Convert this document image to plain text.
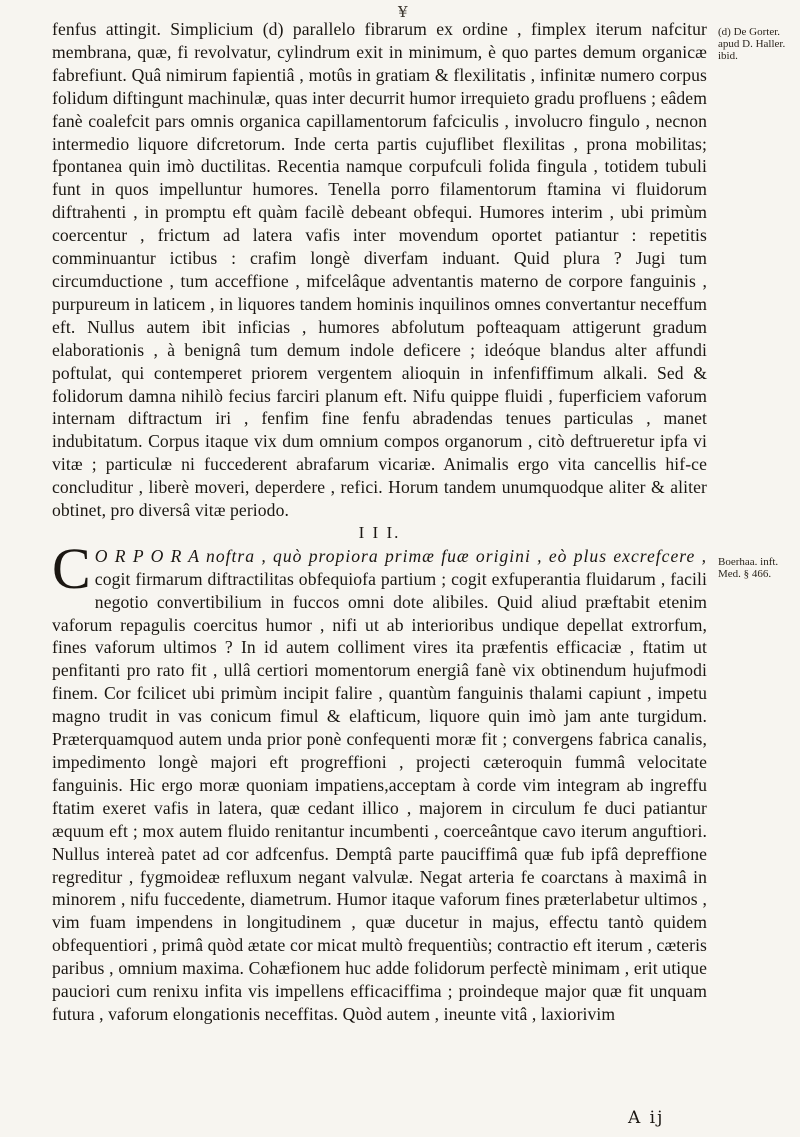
¥

fenfus attingit. Simplicium (d) parallelo fibrarum ex ordine , fimplex iterum nafcitur membrana, quæ, fi revolvatur, cylindrum exit in minimum, è quo partes demum organicæ fabrefiunt. Quâ nimirum fapientiâ , motûs in gratiam & flexilitatis , infinitæ numero corpus folidum diftingunt machinulæ, quas inter decurrit humor irrequieto gradu profluens ; eâdem fanè coalefcit pars omnis organica capillamentorum fafciculis , involucro fingulo , necnon intermedio liquore difcretorum. Inde certa partis cujuflibet flexilitas , prona mobilitas; fpontanea quin imò ductilitas. Recentia namque corpufculi folida fingula , totidem tubuli funt in quos impelluntur humores. Tenella porro filamentorum ftamina vi fluidorum diftrahenti , in promptu eft quàm facilè debeant obfequi. Humores interim , ubi primùm coercentur , frictum ad latera vafis inter movendum oportet patiantur : repetitis comminuantur ictibus : crafim longè diverfam induant. Quid plura ? Jugi tum circumductione , tum acceffione , mifcelâque adventantis materno de corpore fanguinis , purpureum in laticem , in liquores tandem hominis inquilinos omnes convertantur neceffum eft. Nullus autem ibit inficias , humores abfolutum pofteaquam attigerunt gradum elaborationis , à benignâ tum demum indole deficere ; ideóque blandus alter affundi poftulat, qui contemperet priorem vergentem alioquin in infenfiffimum alkali. Sed & folidorum damna nihilò fecius farciri planum eft. Nifu quippe fluidi , fuperficiem vaforum internam diftractum iri , fenfim fine fenfu abradendas tenues particulas , manet indubitatum. Corpus itaque vix dum omnium compos organorum , citò deftrueretur ipfa vi vitæ ; particulæ ni fuccederent abrafarum vicariæ. Animalis ergo vita cancellis hif-ce concluditur , liberè moveri, deperdere , refici. Horum tandem unumquodque aliter & aliter obtinet, pro diversâ vitæ periodo.

I I I.

C O R P O R A noftra , quò propiora primæ fuæ origini , eò plus excrefcere , cogit firmarum diftractilitas obfequiofa partium ; cogit exfuperantia fluidarum , facili negotio convertibilium in fuccos omni dote alibiles. Quid aliud præftabit etenim vaforum repagulis coercitus humor , nifi ut ab interioribus undique depellat extrorfum, fines vaforum ultimos ? In id autem colliment vires ita præfentis efficaciæ , ftatim ut penfitanti pro rato fit , ullâ certiori momentorum energiâ fanè vix obtinendum hujufmodi finem. Cor fcilicet ubi primùm incipit falire , quantùm fanguinis thalami capiunt , impetu magno trudit in vas conicum fimul & elafticum, liquore quin imò jam ante turgidum. Præterquamquod autem unda prior ponè confequenti moræ fit ; convergens fabrica canalis, impedimento longè majori eft progreffioni , projecti cæteroquin fummâ velocitate fanguinis. Hic ergo moræ quoniam impatiens,acceptam à corde vim integram ab ingreffu ftatim exeret vafis in latera, quæ cedant illico , majorem in circulum fe duci patiantur æquum eft ; mox autem fluido renitantur incumbenti , coerceântque cavo iterum anguftiori. Nullus intereà patet ad cor adfcenfus. Demptâ parte pauciffimâ quæ fub ipfâ depreffione regreditur , fygmoideæ refluxum negant valvulæ. Negat arteria fe coarctans à maximâ in minorem , nifu fuccedente, diametrum. Humor itaque vaforum fines præterlabetur ultimos , vim fuam impendens in longitudinem , quæ ducetur in majus, effectu tantò quidem obfequentiori , primâ quòd ætate cor micat multò frequentiùs; contractio eft iterum , cæteris paribus , omnium maxima. Cohæfionem huc adde folidorum perfectè minimam , erit utique pauciori cum renixu infita vis impellens efficaciffima ; proindeque major quæ fit unquam futura , vaforum elongationis neceffitas. Quòd autem , ineunte vitâ , laxiorivim

(d) De Gorter. apud D. Haller. ibid.
Boerhaa. inft. Med. § 466.
A ij
